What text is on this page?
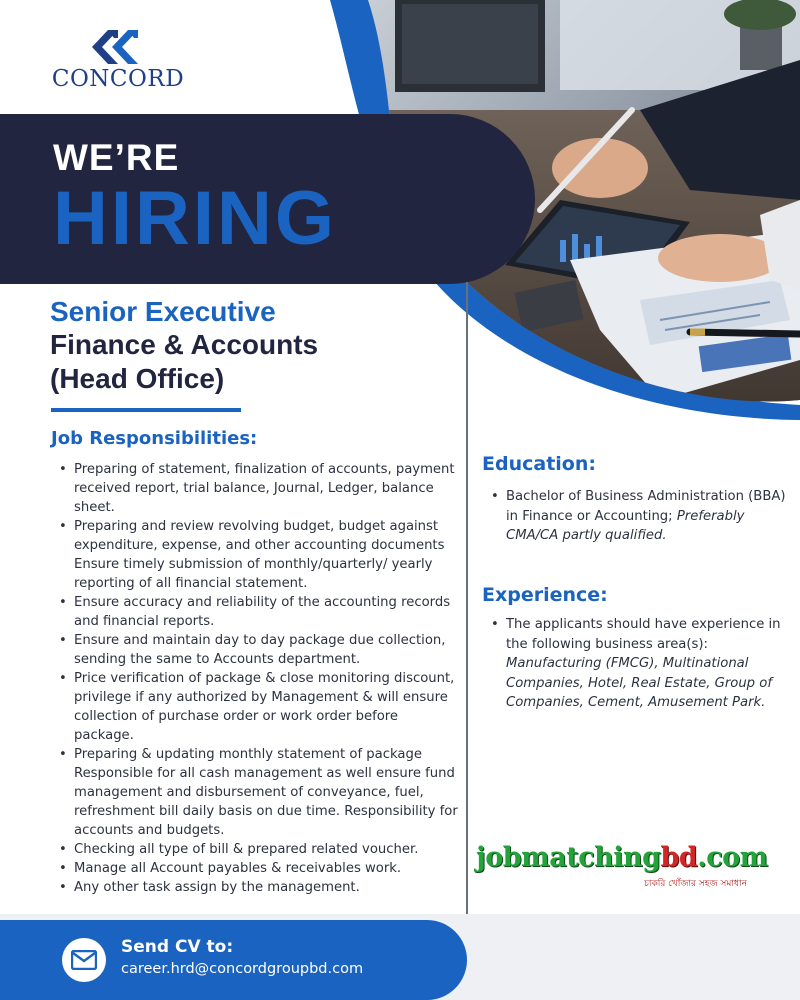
CONCORD
WE’RE
HIRING
Senior Executive
Finance & Accounts
(Head Office)
Job Responsibilities:
• Preparing of statement, finalization of accounts, payment received report, trial balance, Journal, Ledger, balance sheet.
• Preparing and review revolving budget, budget against expenditure, expense, and other accounting documents Ensure timely submission of monthly/quarterly/ yearly reporting of all financial statement.
• Ensure accuracy and reliability of the accounting records and financial reports.
• Ensure and maintain day to day package due collection, sending the same to Accounts department.
• Price verification of package & close monitoring discount, privilege if any authorized by Management & will ensure collection of purchase order or work order before package.
• Preparing & updating monthly statement of package Responsible for all cash management as well ensure fund management and disbursement of conveyance, fuel, refreshment bill daily basis on due time. Responsibility for accounts and budgets.
• Checking all type of bill & prepared related voucher.
• Manage all Account payables & receivables work.
• Any other task assign by the management.
Education:
• Bachelor of Business Administration (BBA) in Finance or Accounting; Preferably CMA/CA partly qualified.
Experience:
• The applicants should have experience in the following business area(s): Manufacturing (FMCG), Multinational Companies, Hotel, Real Estate, Group of Companies, Cement, Amusement Park.
jobmatchingbd.com
চাকরি খোঁজার সহজ সমাধান
Send CV to:
career.hrd@concordgroupbd.com
